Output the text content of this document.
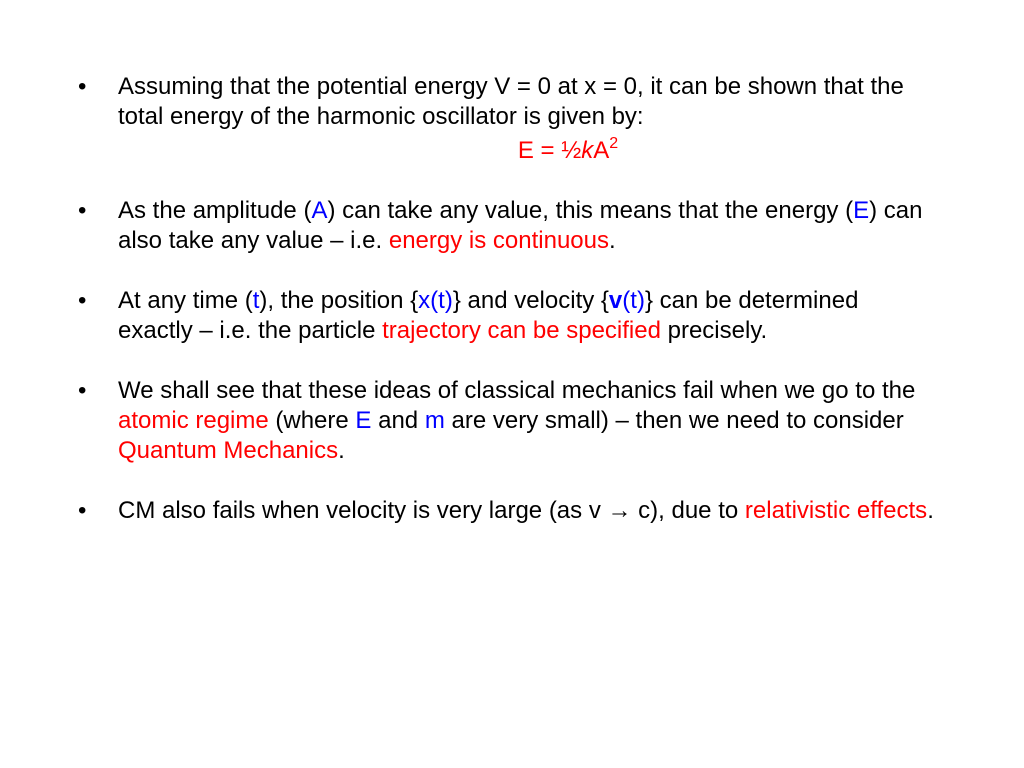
• Assuming that the potential energy V = 0 at x = 0, it can be shown that the total energy of the harmonic oscillator is given by:
$E = \frac{1}{2}kA^2$
• As the amplitude (A) can take any value, this means that the energy (E) can also take any value – i.e. energy is continuous.
• At any time (t), the position {x(t)} and velocity {v(t)} can be determined exactly – i.e. the particle trajectory can be specified precisely.
• We shall see that these ideas of classical mechanics fail when we go to the atomic regime (where E and m are very small) – then we need to consider Quantum Mechanics.
• CM also fails when velocity is very large (as v → c), due to relativistic effects.
